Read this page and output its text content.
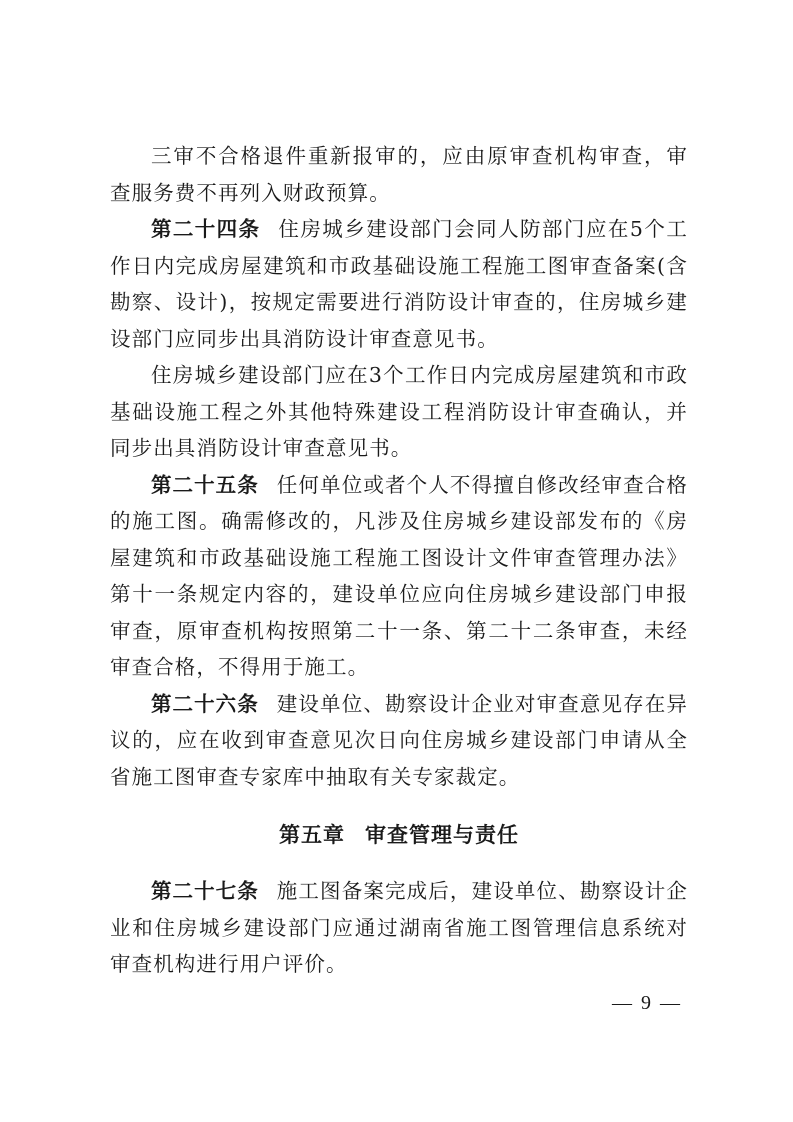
三审不合格退件重新报审的，应由原审查机构审查，审查服务费不再列入财政预算。

第二十四条 住房城乡建设部门会同人防部门应在5个工作日内完成房屋建筑和市政基础设施工程施工图审查备案(含勘察、设计)，按规定需要进行消防设计审查的，住房城乡建设部门应同步出具消防设计审查意见书。

住房城乡建设部门应在3个工作日内完成房屋建筑和市政基础设施工程之外其他特殊建设工程消防设计审查确认，并同步出具消防设计审查意见书。

第二十五条 任何单位或者个人不得擅自修改经审查合格的施工图。确需修改的，凡涉及住房城乡建设部发布的《房屋建筑和市政基础设施工程施工图设计文件审查管理办法》第十一条规定内容的，建设单位应向住房城乡建设部门申报审查，原审查机构按照第二十一条、第二十二条审查，未经审查合格，不得用于施工。

第二十六条 建设单位、勘察设计企业对审查意见存在异议的，应在收到审查意见次日向住房城乡建设部门申请从全省施工图审查专家库中抽取有关专家裁定。

第五章 审查管理与责任

第二十七条 施工图备案完成后，建设单位、勘察设计企业和住房城乡建设部门应通过湖南省施工图管理信息系统对审查机构进行用户评价。

— 9 —
